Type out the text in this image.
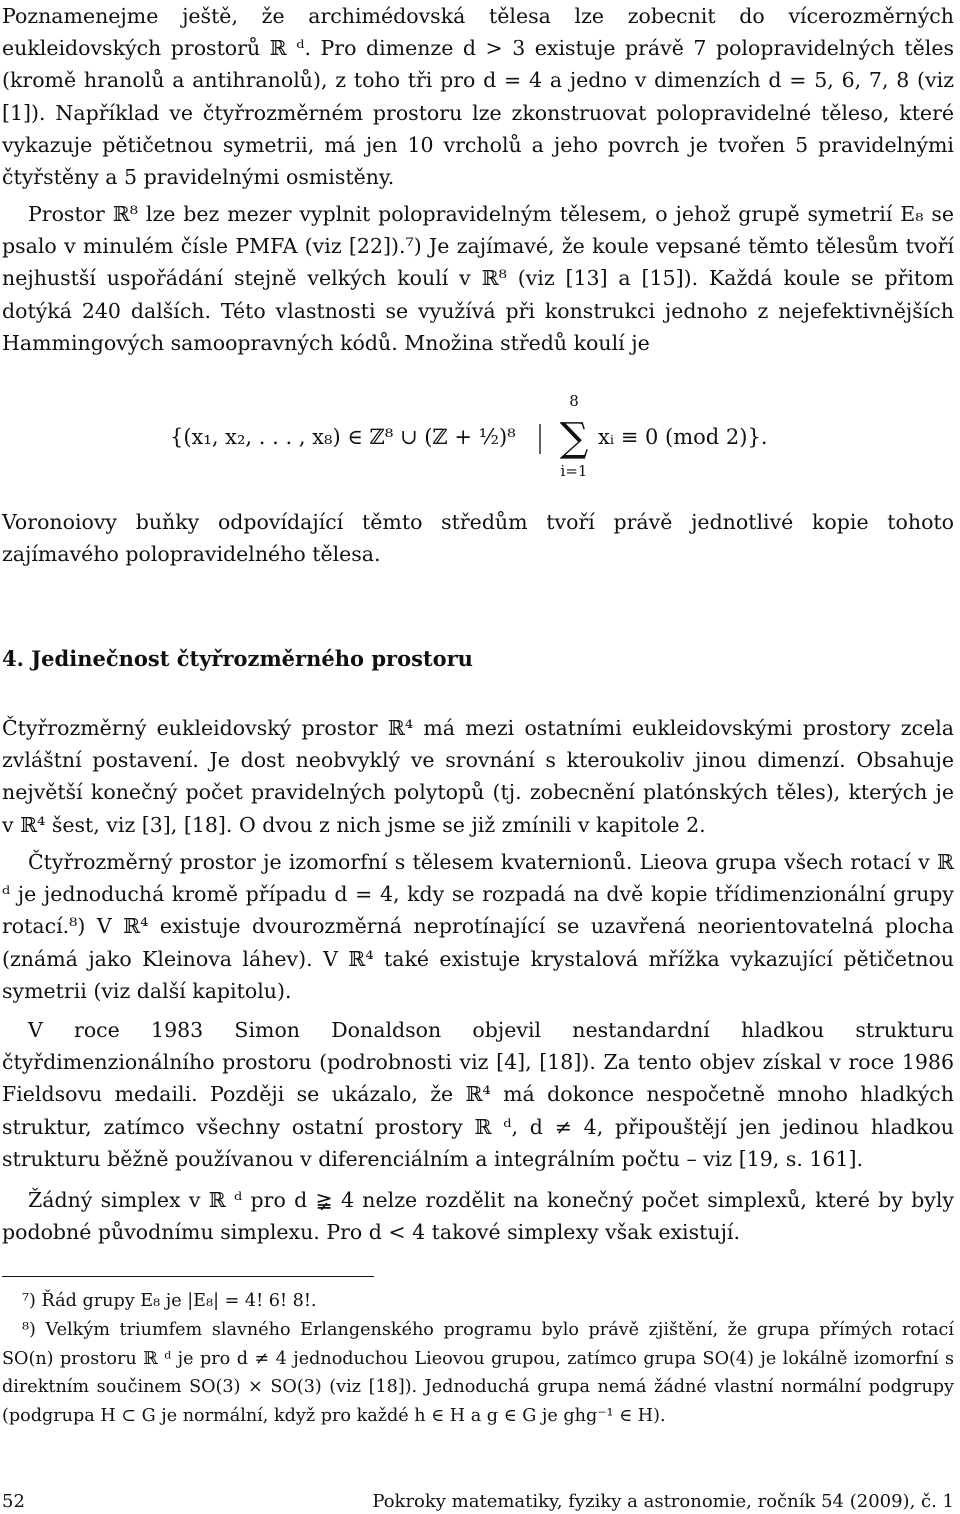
Poznamenejme ještě, že archimédovská tělesa lze zobecnit do vícerozměrných eukleidovských prostorů ℝ ᵈ. Pro dimenze d > 3 existuje právě 7 polopravidelných těles (kromě hranolů a antihranolů), z toho tři pro d = 4 a jedno v dimenzích d = 5, 6, 7, 8 (viz [1]). Například ve čtyřrozměrném prostoru lze zkonstruovat polopravidelné těleso, které vykazuje pětičetnou symetrii, má jen 10 vrcholů a jeho povrch je tvořen 5 pravidelnými čtyřstěny a 5 pravidelnými osmistěny.

Prostor ℝ⁸ lze bez mezer vyplnit polopravidelným tělesem, o jehož grupě symetrií E₈ se psalo v minulém čísle PMFA (viz [22]).⁷) Je zajímavé, že koule vepsané těmto tělesům tvoří nejhustší uspořádání stejně velkých koulí v ℝ⁸ (viz [13] a [15]). Každá koule se přitom dotýká 240 dalších. Této vlastnosti se využívá při konstrukci jednoho z nejefektivnějších Hammingových samoopravných kódů. Množina středů koulí je

{(x₁, x₂, . . . , x₈) ∈ ℤ⁸ ∪ (ℤ + ½)⁸
8
∑
i=1
xᵢ ≡ 0 (mod 2)}.

Voronoiovy buňky odpovídající těmto středům tvoří právě jednotlivé kopie tohoto zajímavého polopravidelného tělesa.

4. Jedinečnost čtyřrozměrného prostoru

Čtyřrozměrný eukleidovský prostor ℝ⁴ má mezi ostatními eukleidovskými prostory zcela zvláštní postavení. Je dost neobvyklý ve srovnání s kteroukoliv jinou dimenzí. Obsahuje největší konečný počet pravidelných polytopů (tj. zobecnění platónských těles), kterých je v ℝ⁴ šest, viz [3], [18]. O dvou z nich jsme se již zmínili v kapitole 2.

Čtyřrozměrný prostor je izomorfní s tělesem kvaternionů. Lieova grupa všech rotací v ℝ ᵈ je jednoduchá kromě případu d = 4, kdy se rozpadá na dvě kopie třídimenzionální grupy rotací.⁸) V ℝ⁴ existuje dvourozměrná neprotínající se uzavřená neorientovatelná plocha (známá jako Kleinova láhev). V ℝ⁴ také existuje krystalová mřížka vykazující pětičetnou symetrii (viz další kapitolu).

V roce 1983 Simon Donaldson objevil nestandardní hladkou strukturu čtyřdimenzionálního prostoru (podrobnosti viz [4], [18]). Za tento objev získal v roce 1986 Fieldsovu medaili. Později se ukázalo, že ℝ⁴ má dokonce nespočetně mnoho hladkých struktur, zatímco všechny ostatní prostory ℝ ᵈ, d ≠ 4, připouštějí jen jedinou hladkou strukturu běžně používanou v diferenciálním a integrálním počtu – viz [19, s. 161].

Žádný simplex v ℝ ᵈ pro d ≩ 4 nelze rozdělit na konečný počet simplexů, které by byly podobné původnímu simplexu. Pro d < 4 takové simplexy však existují.

⁷) Řád grupy E₈ je |E₈| = 4! 6! 8!.

⁸) Velkým triumfem slavného Erlangenského programu bylo právě zjištění, že grupa přímých rotací SO(n) prostoru ℝ ᵈ je pro d ≠ 4 jednoduchou Lieovou grupou, zatímco grupa SO(4) je lokálně izomorfní s direktním součinem SO(3) × SO(3) (viz [18]). Jednoduchá grupa nemá žádné vlastní normální podgrupy (podgrupa H ⊂ G je normální, když pro každé h ∈ H a g ∈ G je ghg⁻¹ ∈ H).

52	Pokroky matematiky, fyziky a astronomie, ročník 54 (2009), č. 1
